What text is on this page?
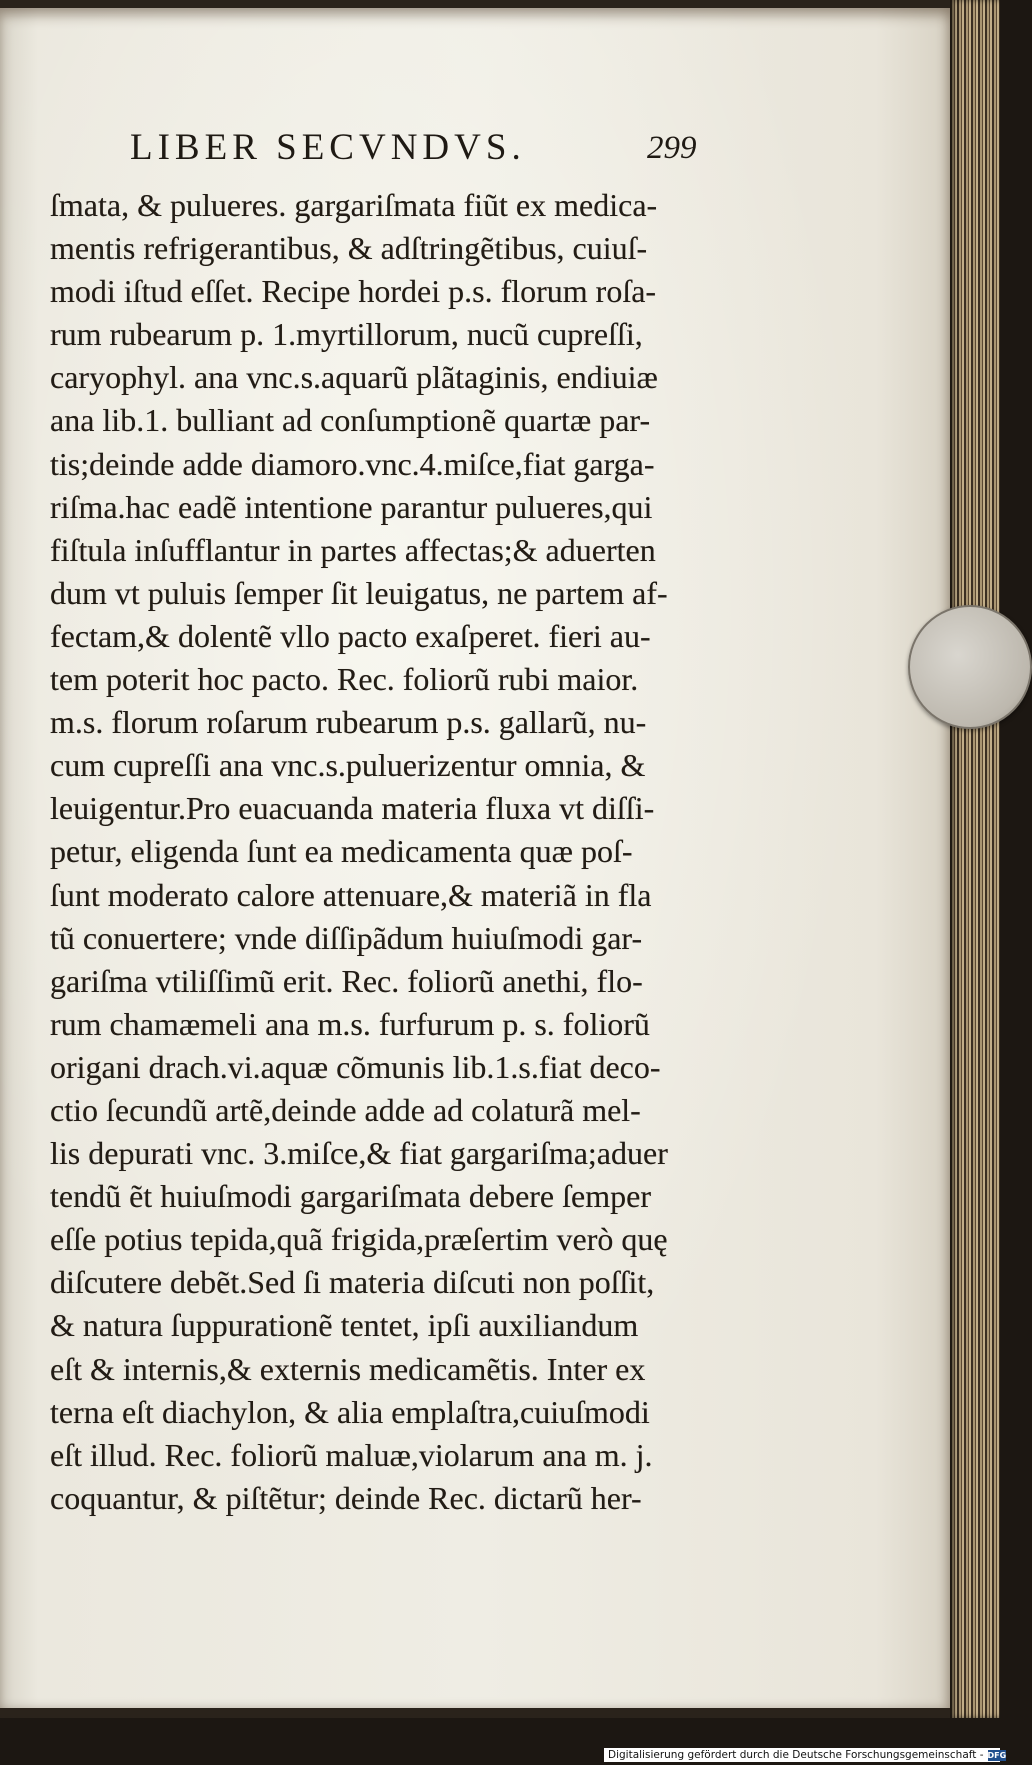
LIBER SECVNDVS.	299
ſmata, & pulueres. gargariſmata fiũt ex medica-
mentis refrigerantibus, & adſtringẽtibus, cuiuſ-
modi iſtud eſſet. Recipe hordei p.s. florum roſa-
rum rubearum p. 1.myrtillorum, nucũ cupreſſi,
caryophyl. ana vnc.s.aquarũ plãtaginis, endiuiæ
ana lib.1. bulliant ad conſumptionẽ quartæ par-
tis;deinde adde diamoro.vnc.4.miſce,fiat garga-
riſma.hac eadẽ intentione parantur pulueres,qui
fiſtula inſufflantur in partes affectas;& aduerten
dum vt puluis ſemper ſit leuigatus, ne partem af-
fectam,& dolentẽ vllo pacto exaſperet. fieri au-
tem poterit hoc pacto. Rec. foliorũ rubi maior.
m.s. florum roſarum rubearum p.s. gallarũ, nu-
cum cupreſſi ana vnc.s.puluerizentur omnia, &
leuigentur.Pro euacuanda materia fluxa vt diſſi-
petur, eligenda ſunt ea medicamenta quæ poſ-
ſunt moderato calore attenuare,& materiã in fla
tũ conuertere; vnde diſſipãdum huiuſmodi gar-
gariſma vtiliſſimũ erit. Rec. foliorũ anethi, flo-
rum chamæmeli ana m.s. furfurum p. s. foliorũ
origani drach.vi.aquæ cõmunis lib.1.s.fiat deco-
ctio ſecundũ artẽ,deinde adde ad colaturã mel-
lis depurati vnc. 3.miſce,& fiat gargariſma;aduer
tendũ ẽt huiuſmodi gargariſmata debere ſemper
eſſe potius tepida,quã frigida,præſertim verò quę
diſcutere debẽt.Sed ſi materia diſcuti non poſſit,
& natura ſuppurationẽ tentet, ipſi auxiliandum
eſt & internis,& externis medicamẽtis. Inter ex
terna eſt diachylon, & alia emplaſtra,cuiuſmodi
eſt illud. Rec. foliorũ maluæ,violarum ana m. j.
coquantur, & piſtẽtur; deinde Rec. dictarũ her-
Digitalisierung gefördert durch die Deutsche Forschungsgemeinschaft - DFG
